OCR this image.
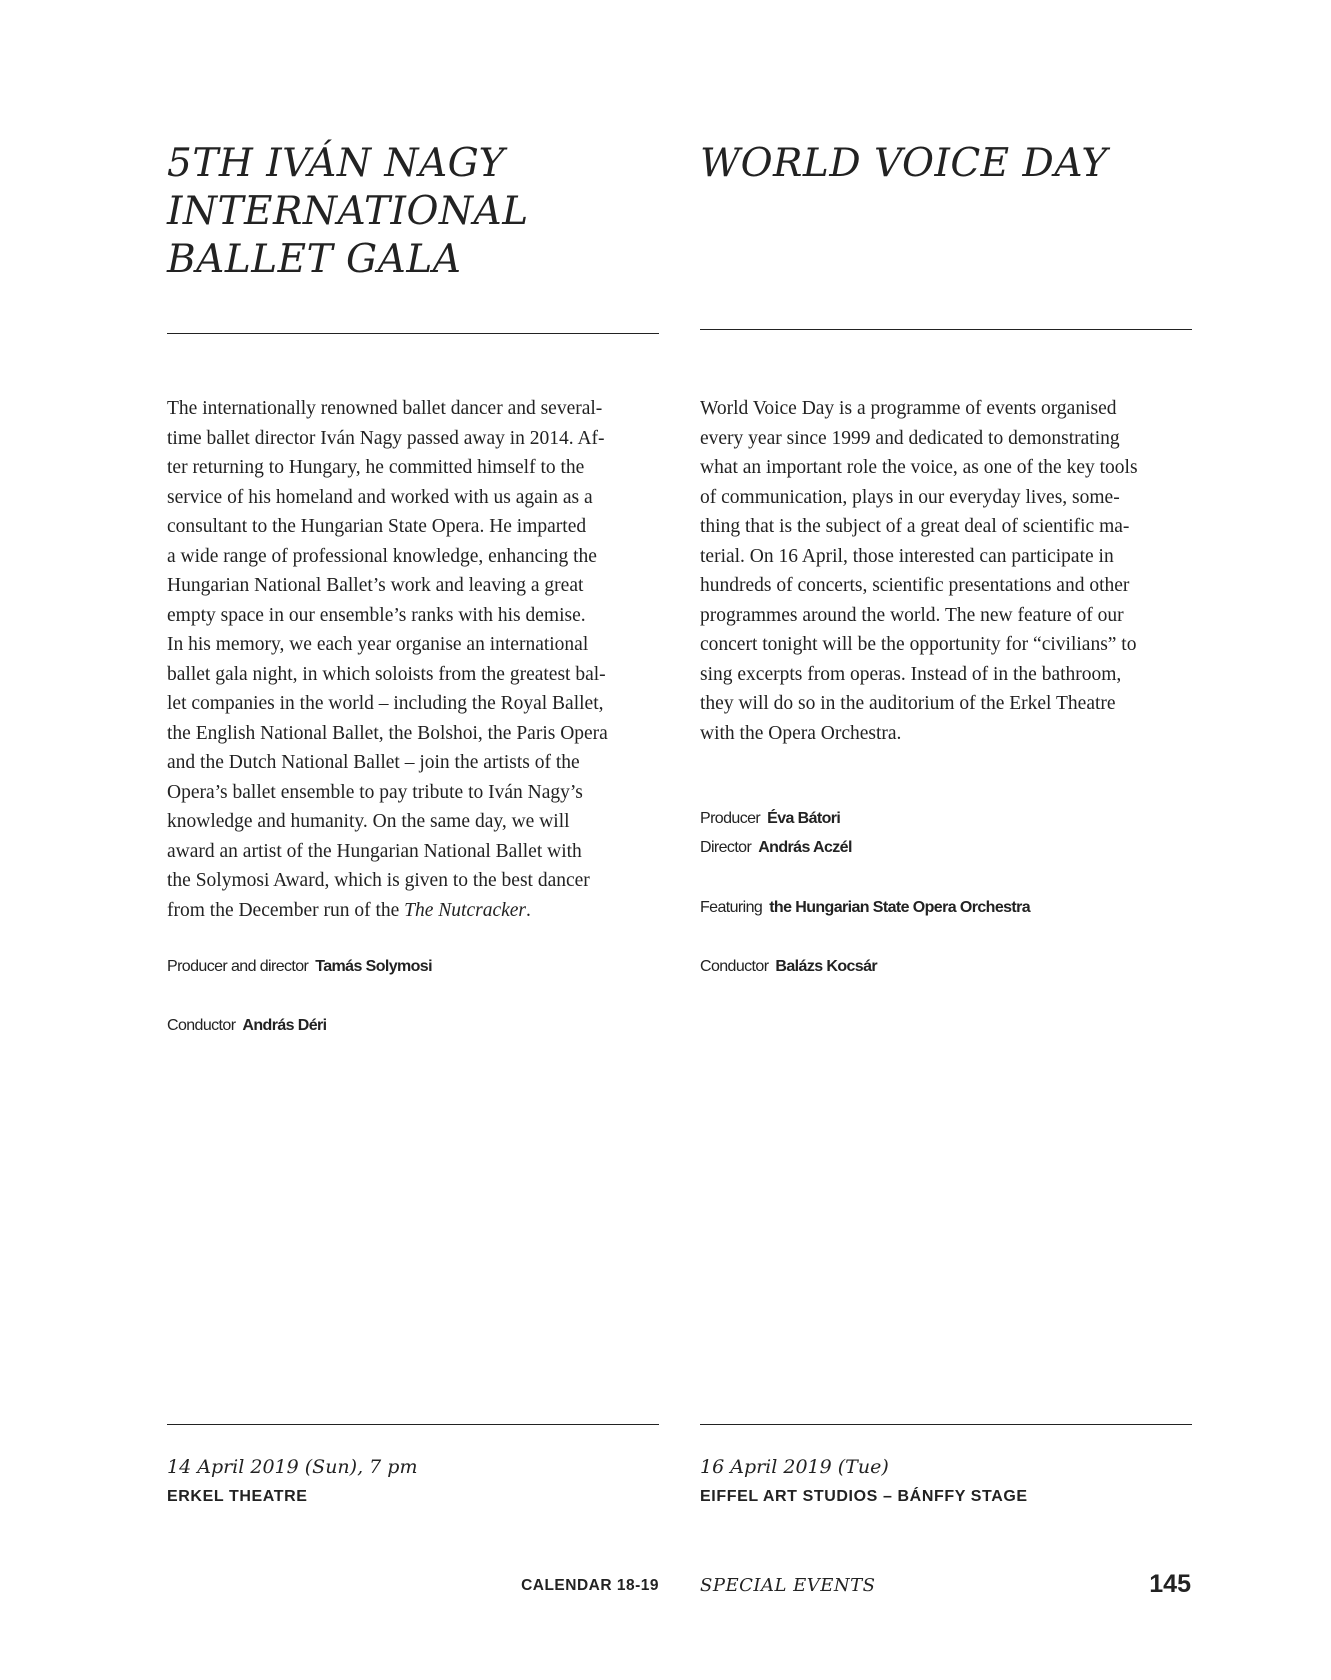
5TH IVÁN NAGY
INTERNATIONAL
BALLET GALA

The internationally renowned ballet dancer and several-
time ballet director Iván Nagy passed away in 2014. Af-
ter returning to Hungary, he committed himself to the
service of his homeland and worked with us again as a
consultant to the Hungarian State Opera. He imparted
a wide range of professional knowledge, enhancing the
Hungarian National Ballet’s work and leaving a great
empty space in our ensemble’s ranks with his demise.
In his memory, we each year organise an international
ballet gala night, in which soloists from the greatest bal-
let companies in the world – including the Royal Ballet,
the English National Ballet, the Bolshoi, the Paris Opera
and the Dutch National Ballet – join the artists of the
Opera’s ballet ensemble to pay tribute to Iván Nagy’s
knowledge and humanity. On the same day, we will
award an artist of the Hungarian National Ballet with
the Solymosi Award, which is given to the best dancer
from the December run of the The Nutcracker.

Producer and director Tamás Solymosi

Conductor András Déri

14 April 2019 (Sun), 7 pm

ERKEL THEATRE

WORLD VOICE DAY

World Voice Day is a programme of events organised
every year since 1999 and dedicated to demonstrating
what an important role the voice, as one of the key tools
of communication, plays in our everyday lives, some-
thing that is the subject of a great deal of scientific ma-
terial. On 16 April, those interested can participate in
hundreds of concerts, scientific presentations and other
programmes around the world. The new feature of our
concert tonight will be the opportunity for “civilians” to
sing excerpts from operas. Instead of in the bathroom,
they will do so in the auditorium of the Erkel Theatre
with the Opera Orchestra.

Producer Éva Bátori

Director András Aczél

Featuring the Hungarian State Opera Orchestra

Conductor Balázs Kocsár

16 April 2019 (Tue)

EIFFEL ART STUDIOS – BÁNFFY STAGE

CALENDAR 18-19 SPECIAL EVENTS	145
